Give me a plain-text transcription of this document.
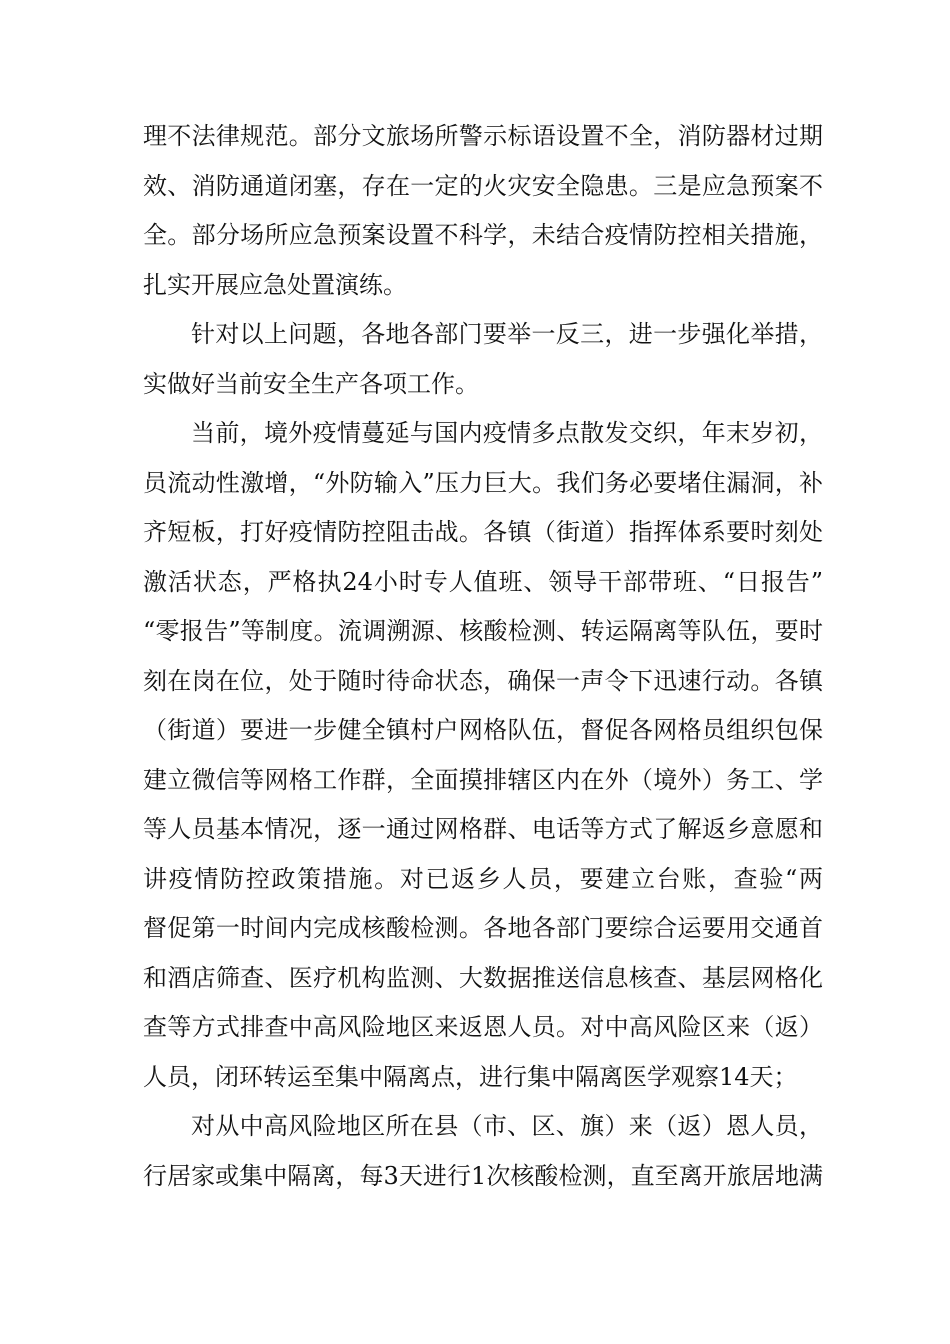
理不法律规范。部分文旅场所警示标语设置不全，消防器材过期
效、消防通道闭塞，存在一定的火灾安全隐患。三是应急预案不
全。部分场所应急预案设置不科学，未结合疫情防控相关措施，
扎实开展应急处置演练。
针对以上问题，各地各部门要举一反三，进一步强化举措，
实做好当前安全生产各项工作。
当前，境外疫情蔓延与国内疫情多点散发交织，年末岁初，
员流动性激增，“外防输入”压力巨大。我们务必要堵住漏洞，补
齐短板，打好疫情防控阻击战。各镇（街道）指挥体系要时刻处
激活状态，严格执24小时专人值班、领导干部带班、“日报告”
“零报告”等制度。流调溯源、核酸检测、转运隔离等队伍，要时
刻在岗在位，处于随时待命状态，确保一声令下迅速行动。各镇
（街道）要进一步健全镇村户网格队伍，督促各网格员组织包保
建立微信等网格工作群，全面摸排辖区内在外（境外）务工、学
等人员基本情况，逐一通过网格群、电话等方式了解返乡意愿和
讲疫情防控政策措施。对已返乡人员，要建立台账，查验“两
督促第一时间内完成核酸检测。各地各部门要综合运要用交通首
和酒店筛查、医疗机构监测、大数据推送信息核查、基层网格化
查等方式排查中高风险地区来返恩人员。对中高风险区来（返）
人员，闭环转运至集中隔离点，进行集中隔离医学观察14天；
对从中高风险地区所在县（市、区、旗）来（返）恩人员，
行居家或集中隔离，每3天进行1次核酸检测，直至离开旅居地满
